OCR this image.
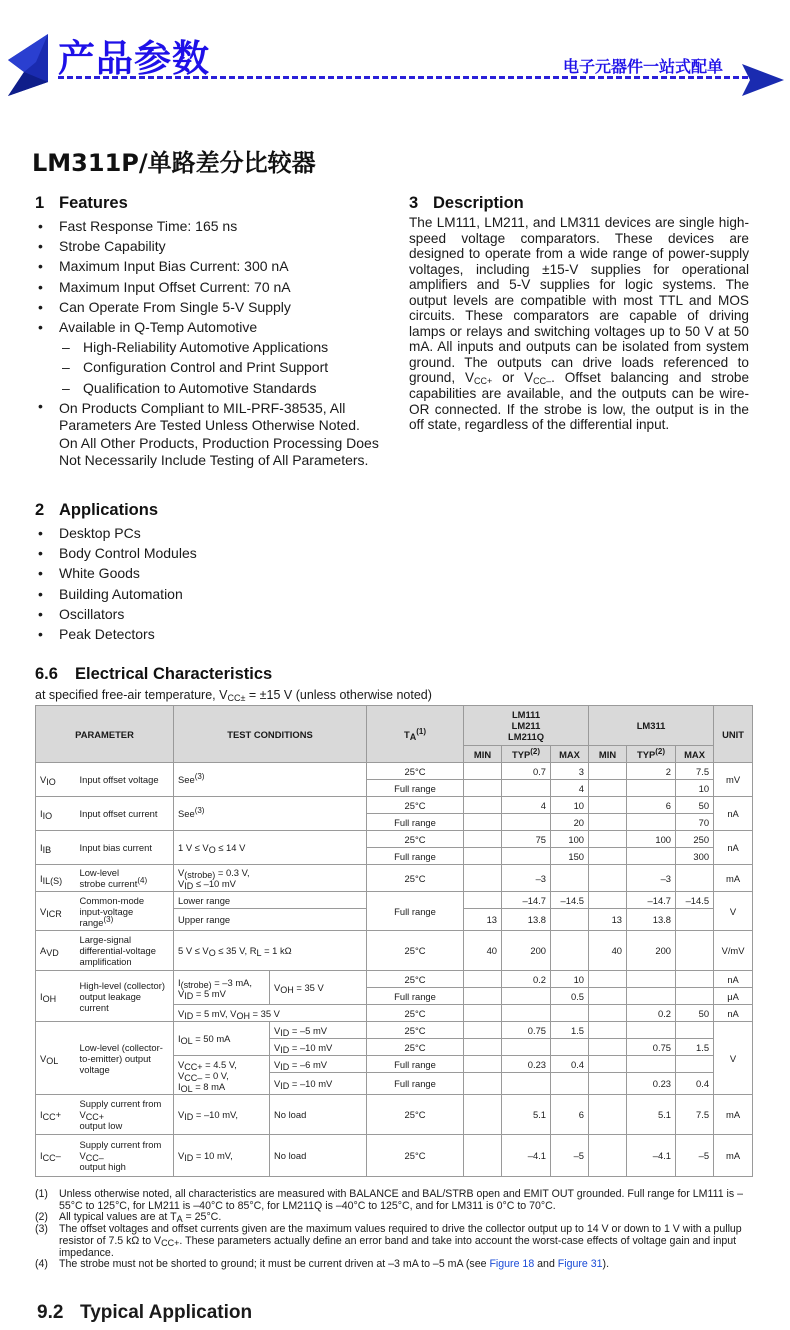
产品参数	电子元器件一站式配单
LM311P/单路差分比较器
1 Features
• Fast Response Time: 165 ns
• Strobe Capability
• Maximum Input Bias Current: 300 nA
• Maximum Input Offset Current: 70 nA
• Can Operate From Single 5-V Supply
• Available in Q-Temp Automotive
– High-Reliability Automotive Applications
– Configuration Control and Print Support
– Qualification to Automotive Standards
• On Products Compliant to MIL-PRF-38535, All Parameters Are Tested Unless Otherwise Noted. On All Other Products, Production Processing Does Not Necessarily Include Testing of All Parameters.
2 Applications
• Desktop PCs
• Body Control Modules
• White Goods
• Building Automation
• Oscillators
• Peak Detectors
3 Description

The LM111, LM211, and LM311 devices are single high-speed voltage comparators. These devices are designed to operate from a wide range of power-supply voltages, including ±15-V supplies for operational amplifiers and 5-V supplies for logic systems. The output levels are compatible with most TTL and MOS circuits. These comparators are capable of driving lamps or relays and switching voltages up to 50 V at 50 mA. All inputs and outputs can be isolated from system ground. The outputs can drive loads referenced to ground, $V_{CC+}$ or $V_{CC-}$. Offset balancing and strobe capabilities are available, and the outputs can be wire-OR connected. If the strobe is low, the output is in the off state, regardless of the differential input.

6.6 Electrical Characteristics
at specified free-air temperature, $V_{CC\pm} = \pm 15$ V (unless otherwise noted)
PARAMETER		TEST CONDITIONS		$T_A^{(1)}$	LM111
LM211
LM211Q			LM311			UNIT
					MIN	TYP$^{(2)}$	MAX	MIN	TYP$^{(2)}$	MAX	
$V_{IO}$	Input offset voltage	See$^{(3)}$		25°C		0.7	3		2	7.5	mV
				Full range			4			10	
$I_{IO}$	Input offset current	See$^{(3)}$		25°C		4	10		6	50	nA
				Full range			20			70	
$I_{IB}$	Input bias current	1 $V \le V_O \le 14$ V		25°C		75	100		100	250	nA
				Full range			150			300	
$I_{IL(S)}$	Low-level
strobe current$^{(4)}$	$V_{(strobe)} = 0.3$ V,
$V_{ID} \le -10$ mV		25°C		–3			–3		mA
$V_{ICR}$	Common-mode input-voltage range$^{(3)}$	Lower range		Full range		–14.7	–14.5		–14.7	–14.5	V
		Upper range			13	13.8		13	13.8		
$A_{VD}$	Large-signal differential-voltage amplification	5 $V \le V_O \le 35$ V, $R_L = 1$ kΩ		25°C	40	200		40	200		V/mV
$I_{OH}$	High-level (collector) output leakage current	$I_{(strobe)} = -3$ mA,
$V_{ID} = 5$ mV	$V_{OH} = 35$ V	25°C		0.2	10				nA
				Full range			0.5				μA
		$V_{ID} = 5$ mV, $V_{OH} = 35$ V		25°C					0.2	50	nA
$V_{OL}$	Low-level (collector-to-emitter) output voltage	$I_{OL} = 50$ mA	$V_{ID} = -5$ mV	25°C		0.75	1.5				V
			$V_{ID} = -10$ mV	25°C					0.75	1.5	
		$V_{CC+} = 4.5$ V,
$V_{CC-} = 0$ V,
$I_{OL} = 8$ mA	$V_{ID} = -6$ mV	Full range		0.23	0.4				
			$V_{ID} = -10$ mV	Full range					0.23	0.4	
$I_{CC}+$	Supply current from
$V_{CC+}$
output low	$V_{ID} = -10$ mV,	No load	25°C		5.1	6		5.1	7.5	mA
$I_{CC}-$	Supply current from
$V_{CC-}$
output high	$V_{ID} = 10$ mV,	No load	25°C		–4.1	–5		–4.1	–5	mA
(1) Unless otherwise noted, all characteristics are measured with BALANCE and BAL/STRB open and EMIT OUT grounded. Full range for LM111 is –55°C to 125°C, for LM211 is –40°C to 85°C, for LM211Q is –40°C to 125°C, and for LM311 is 0°C to 70°C.
(2) All typical values are at $T_A = 25^\circ C$.
(3) The offset voltages and offset currents given are the maximum values required to drive the collector output up to 14 V or down to 1 V with a pullup resistor of 7.5 kΩ to $V_{CC+}$. These parameters actually define an error band and take into account the worst-case effects of voltage gain and input impedance.
(4) The strobe must not be shorted to ground; it must be current driven at –3 mA to –5 mA (see Figure 18 and Figure 31).
9.2 Typical Application
